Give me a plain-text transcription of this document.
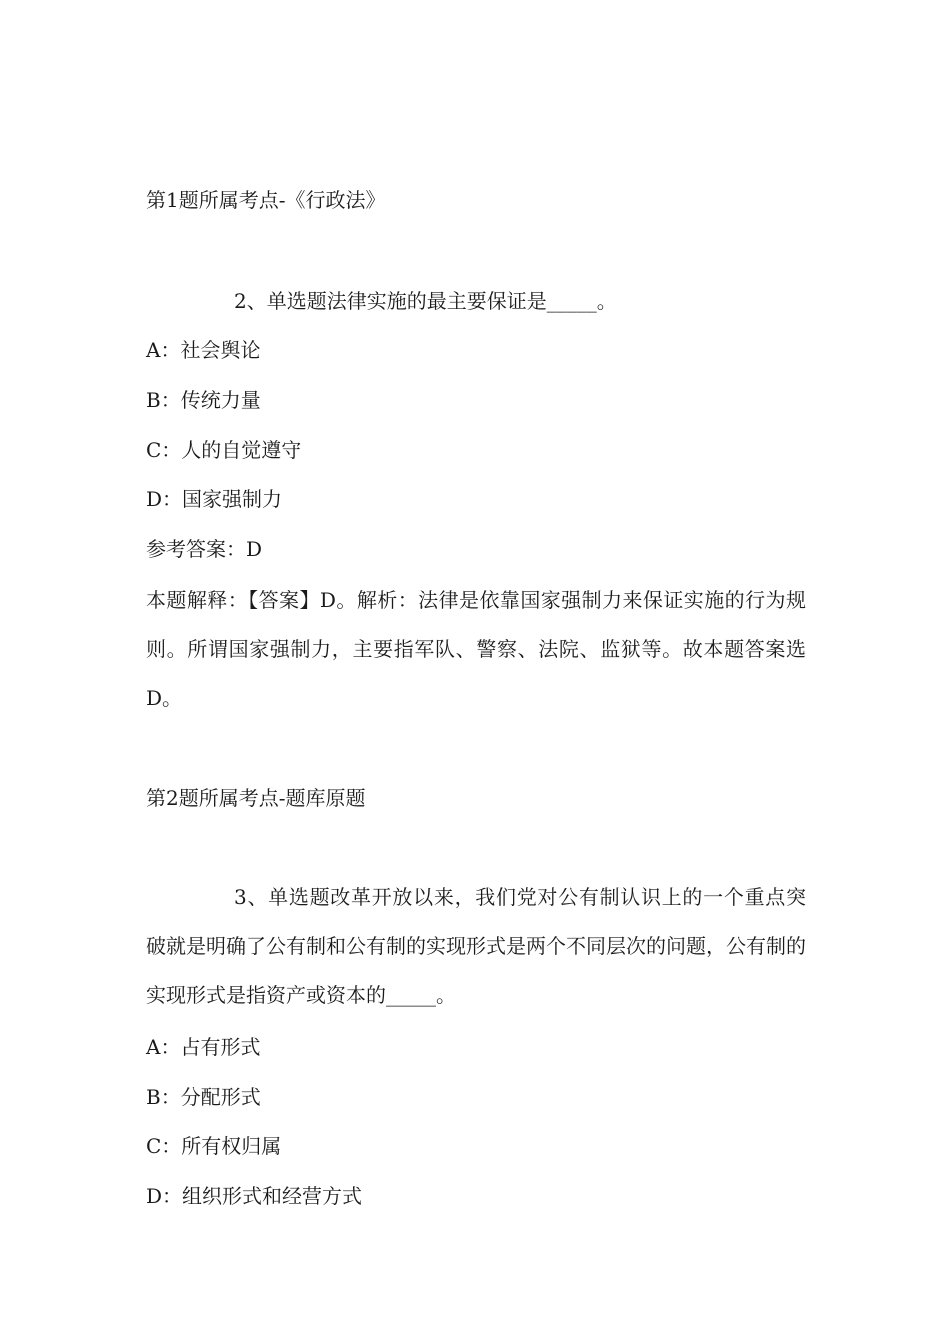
第1题所属考点-《行政法》
2、单选题法律实施的最主要保证是_____。
A：社会舆论
B：传统力量
C：人的自觉遵守
D：国家强制力
参考答案：D
本题解释：【答案】D。解析：法律是依靠国家强制力来保证实施的行为规则。所谓国家强制力，主要指军队、警察、法院、监狱等。故本题答案选D。
第2题所属考点-题库原题
3、单选题改革开放以来，我们党对公有制认识上的一个重点突破就是明确了公有制和公有制的实现形式是两个不同层次的问题，公有制的实现形式是指资产或资本的_____。
A：占有形式
B：分配形式
C：所有权归属
D：组织形式和经营方式
